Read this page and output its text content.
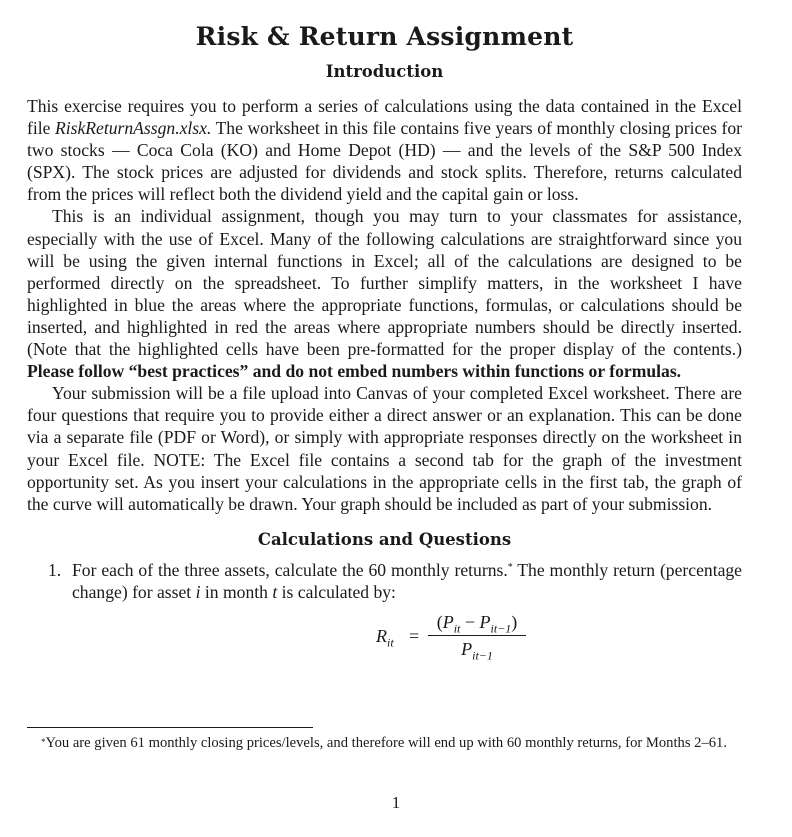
Risk & Return Assignment
Introduction

This exercise requires you to perform a series of calculations using the data contained in the Excel file RiskReturnAssgn.xlsx. The worksheet in this file contains five years of monthly closing prices for two stocks — Coca Cola (KO) and Home Depot (HD) — and the levels of the S&P 500 Index (SPX). The stock prices are adjusted for dividends and stock splits. Therefore, returns calculated from the prices will reflect both the dividend yield and the capital gain or loss.

This is an individual assignment, though you may turn to your classmates for assistance, especially with the use of Excel. Many of the following calculations are straightforward since you will be using the given internal functions in Excel; all of the calculations are designed to be performed directly on the spreadsheet. To further simplify matters, in the worksheet I have highlighted in blue the areas where the appropriate functions, formulas, or calculations should be inserted, and highlighted in red the areas where appropriate numbers should be directly inserted. (Note that the highlighted cells have been pre-formatted for the proper display of the contents.) Please follow “best practices” and do not embed numbers within functions or formulas.

Your submission will be a file upload into Canvas of your completed Excel worksheet. There are four questions that require you to provide either a direct answer or an explanation. This can be done via a separate file (PDF or Word), or simply with appropriate responses directly on the worksheet in your Excel file. NOTE: The Excel file contains a second tab for the graph of the investment opportunity set. As you insert your calculations in the appropriate cells in the first tab, the graph of the curve will automatically be drawn. Your graph should be included as part of your submission.

Calculations and Questions
1. For each of the three assets, calculate the 60 monthly returns.* The monthly return (percentage change) for asset i in month t is calculated by:
$R_{it}$ =
$(P_{it} - P_{it-1})$
$P_{it-1}$

*You are given 61 monthly closing prices/levels, and therefore will end up with 60 monthly returns, for Months 2–61.

1
